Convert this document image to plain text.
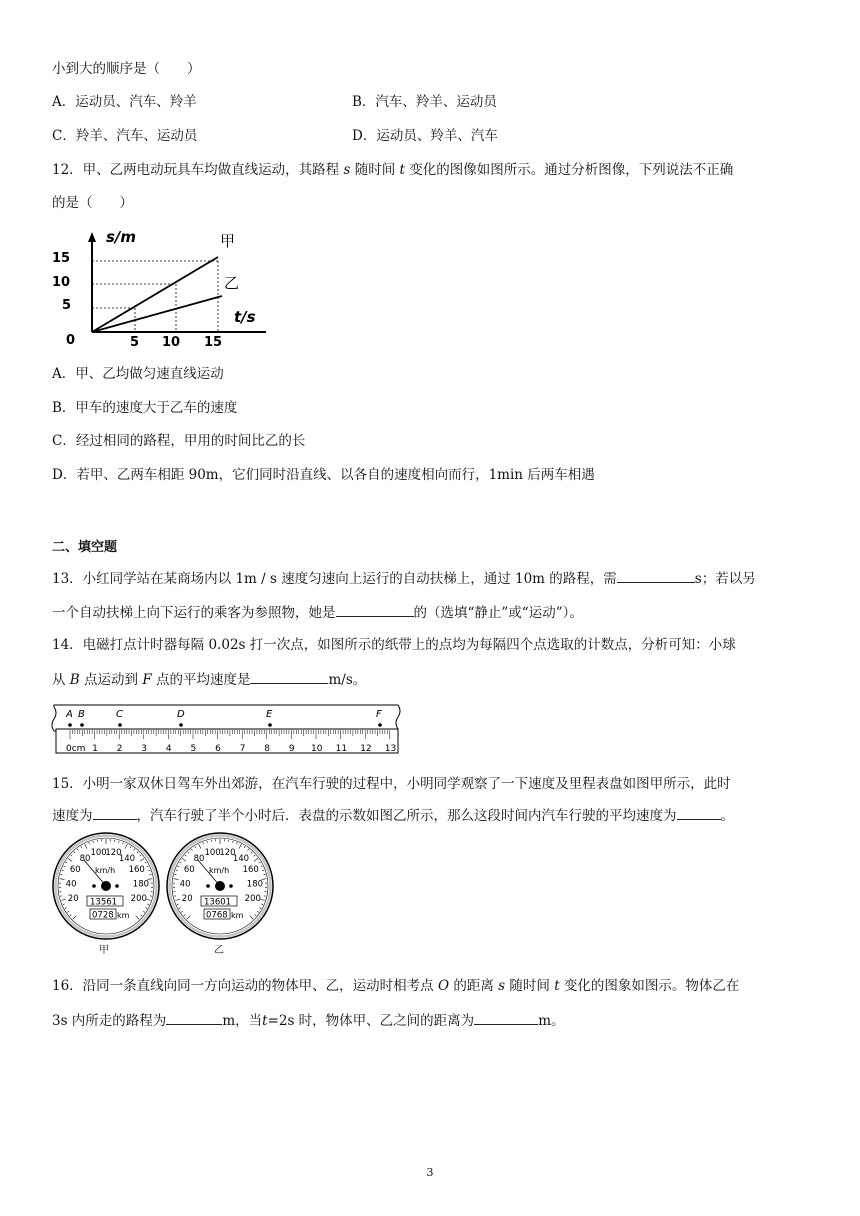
小到大的顺序是（　　）
A．运动员、汽车、羚羊	B．汽车、羚羊、运动员
C．羚羊、汽车、运动员	D．运动员、羚羊、汽车
12．甲、乙两电动玩具车均做直线运动，其路程 s 随时间 t 变化的图像如图所示。通过分析图像，下列说法不正确
的是（　　）
s/m
t/s
0
15
10
5
5 10 15
甲
乙
A．甲、乙均做匀速直线运动
B．甲车的速度大于乙车的速度
C．经过相同的路程，甲用的时间比乙的长
D．若甲、乙两车相距 90m，它们同时沿直线、以各自的速度相向而行，1min 后两车相遇
二、填空题
13．小红同学站在某商场内以 1m / s 速度匀速向上运行的自动扶梯上，通过 10m 的路程，需	s；若以另
一个自动扶梯上向下运行的乘客为参照物，她是	的（选填“静止”或“运动”）。
14．电磁打点计时器每隔 0.02s 打一次点，如图所示的纸带上的点均为每隔四个点选取的计数点，分析可知：小球
从 B 点运动到 F 点的平均速度是	m/s。
A B	C	D	E	F
0cm 1 2 3 4 5 6 7 8 9 10 11 12 13
15．小明一家双休日驾车外出郊游，在汽车行驶的过程中，小明同学观察了一下速度及里程表盘如图甲所示，此时
速度为	，汽车行驶了半个小时后．表盘的示数如图乙所示，那么这段时间内汽车行驶的平均速度为	。
20
40
60
80
100
120
140
160
180
200
km/h
13561
0728 km
甲
20
40
60
80
100
120
140
160
180
200
km/h
13601
0768 km
乙
16．沿同一条直线向同一方向运动的物体甲、乙，运动时相考点 O 的距离 s 随时间 t 变化的图象如图示。物体乙在
3s 内所走的路程为	m，当t=2s 时，物体甲、乙之间的距离为	m。
3
